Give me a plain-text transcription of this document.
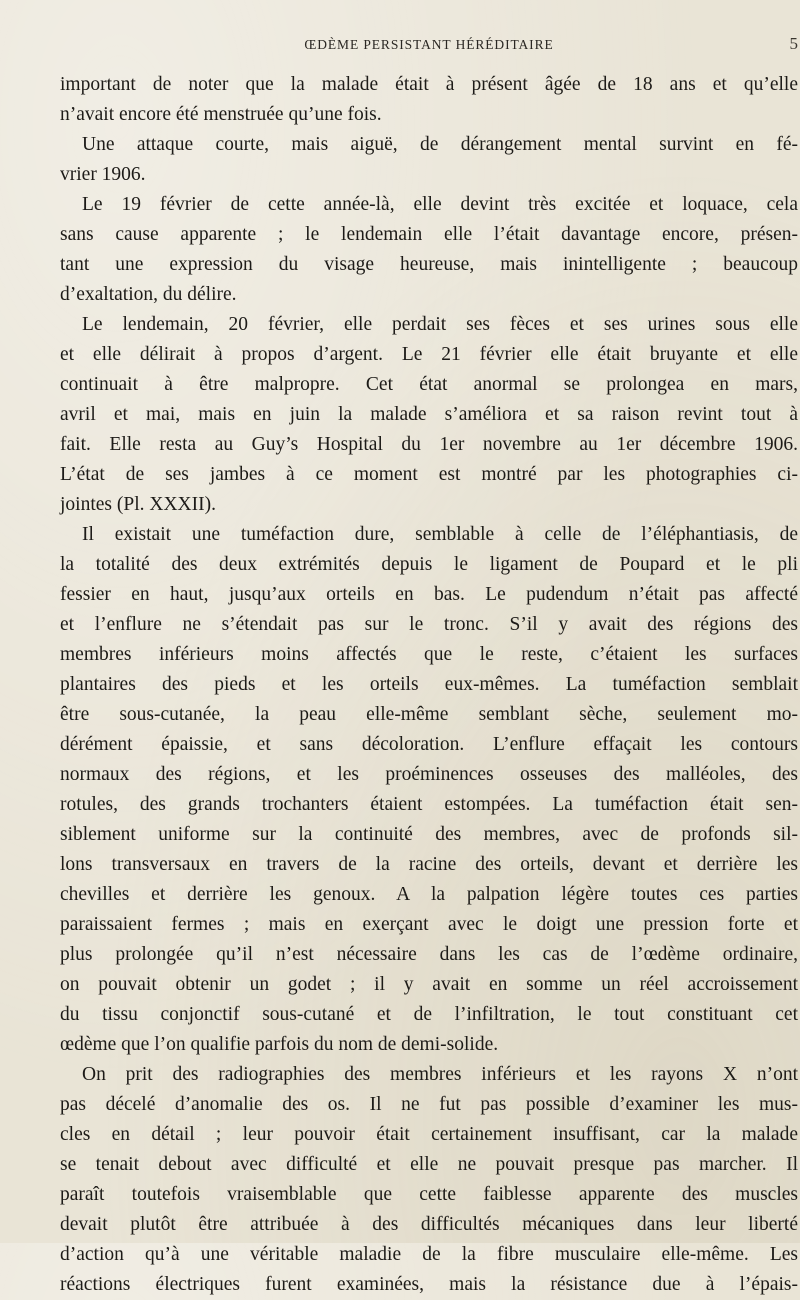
ŒDÈME PERSISTANT HÉRÉDITAIRE	5
important de noter que la malade était à présent âgée de 18 ans et qu’elle
n’avait encore été menstruée qu’une fois.
Une attaque courte, mais aiguë, de dérangement mental survint en fé-
vrier 1906.
Le 19 février de cette année-là, elle devint très excitée et loquace, cela
sans cause apparente ; le lendemain elle l’était davantage encore, présen-
tant une expression du visage heureuse, mais inintelligente ; beaucoup
d’exaltation, du délire.
Le lendemain, 20 février, elle perdait ses fèces et ses urines sous elle
et elle délirait à propos d’argent. Le 21 février elle était bruyante et elle
continuait à être malpropre. Cet état anormal se prolongea en mars,
avril et mai, mais en juin la malade s’améliora et sa raison revint tout à
fait. Elle resta au Guy’s Hospital du 1er novembre au 1er décembre 1906.
L’état de ses jambes à ce moment est montré par les photographies ci-
jointes (Pl. XXXII).
Il existait une tuméfaction dure, semblable à celle de l’éléphantiasis, de
la totalité des deux extrémités depuis le ligament de Poupard et le pli
fessier en haut, jusqu’aux orteils en bas. Le pudendum n’était pas affecté
et l’enflure ne s’étendait pas sur le tronc. S’il y avait des régions des
membres inférieurs moins affectés que le reste, c’étaient les surfaces
plantaires des pieds et les orteils eux-mêmes. La tuméfaction semblait
être sous-cutanée, la peau elle-même semblant sèche, seulement mo-
dérément épaissie, et sans décoloration. L’enflure effaçait les contours
normaux des régions, et les proéminences osseuses des malléoles, des
rotules, des grands trochanters étaient estompées. La tuméfaction était sen-
siblement uniforme sur la continuité des membres, avec de profonds sil-
lons transversaux en travers de la racine des orteils, devant et derrière les
chevilles et derrière les genoux. A la palpation légère toutes ces parties
paraissaient fermes ; mais en exerçant avec le doigt une pression forte et
plus prolongée qu’il n’est nécessaire dans les cas de l’œdème ordinaire,
on pouvait obtenir un godet ; il y avait en somme un réel accroissement
du tissu conjonctif sous-cutané et de l’infiltration, le tout constituant cet
œdème que l’on qualifie parfois du nom de demi-solide.
On prit des radiographies des membres inférieurs et les rayons X n’ont
pas décelé d’anomalie des os. Il ne fut pas possible d’examiner les mus-
cles en détail ; leur pouvoir était certainement insuffisant, car la malade
se tenait debout avec difficulté et elle ne pouvait presque pas marcher. Il
paraît toutefois vraisemblable que cette faiblesse apparente des muscles
devait plutôt être attribuée à des difficultés mécaniques dans leur liberté
d’action qu’à une véritable maladie de la fibre musculaire elle-même. Les
réactions électriques furent examinées, mais la résistance due à l’épais-
